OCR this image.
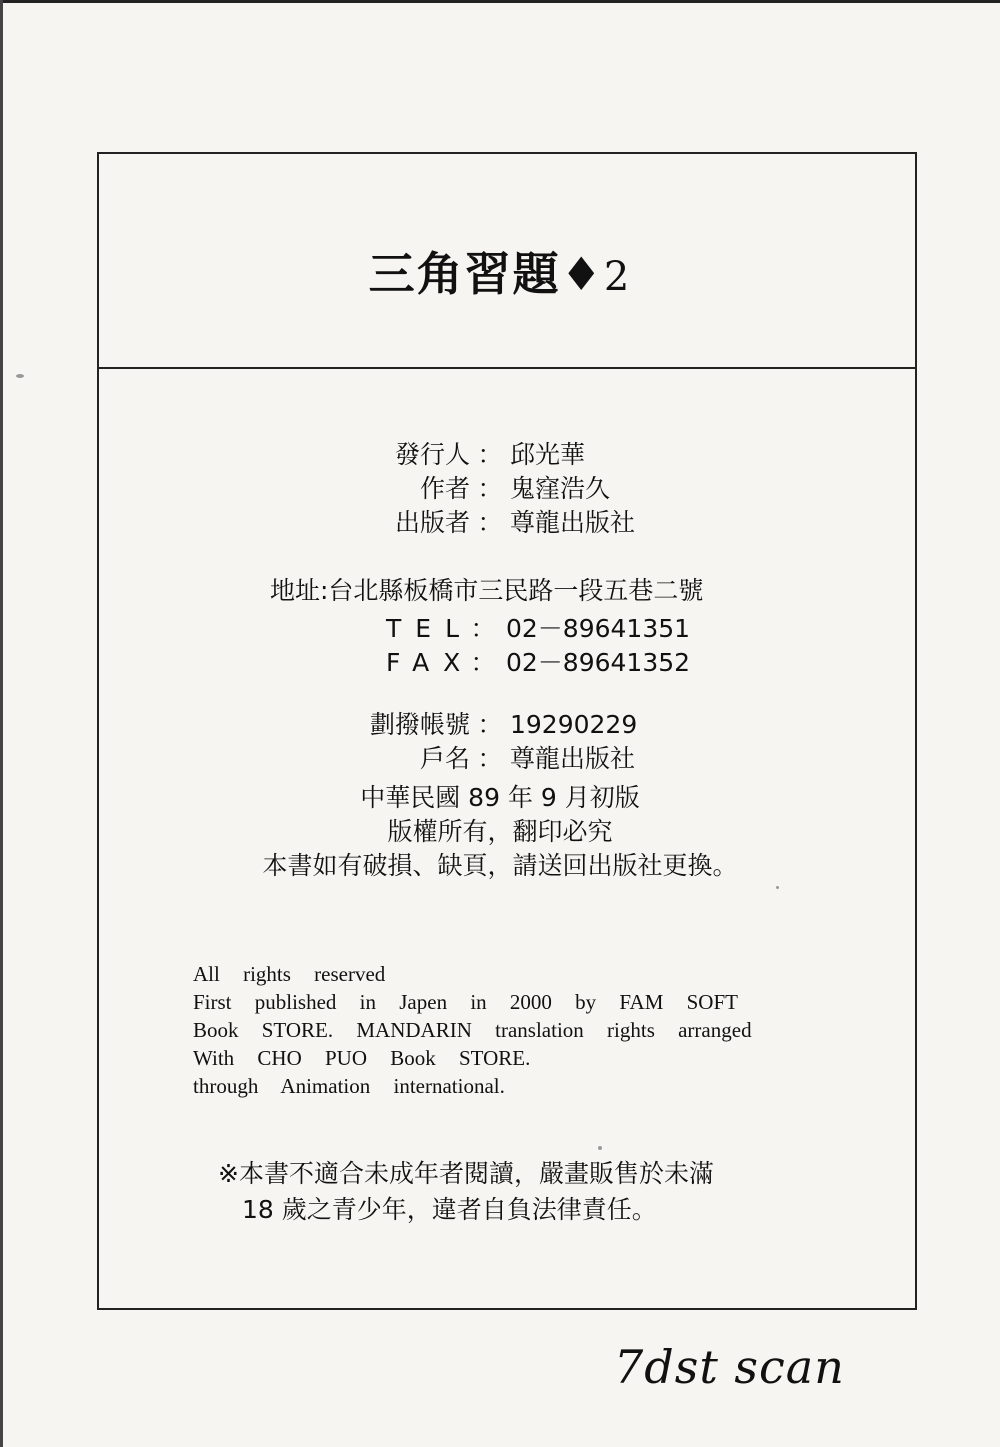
三角習題♦2
發行人 ： 邱光華
作者 ： 鬼窪浩久
出版者 ： 尊龍出版社
地址:台北縣板橋市三民路一段五巷二號
TEL
： 02－89641351
FAX
： 02－89641352
劃撥帳號 ： 19290229
戶名 ： 尊龍出版社
中華民國 89 年 9 月初版
版權所有，翻印必究
本書如有破損、缺頁，請送回出版社更換。
All rights reserved
First published in Japen in 2000 by FAM SOFT
Book STORE. MANDARIN translation rights arranged
With CHO PUO Book STORE.
through Animation international.
※本書不適合未成年者閱讀，嚴畫販售於未滿
18 歲之青少年，違者自負法律責任。
7dst scan
